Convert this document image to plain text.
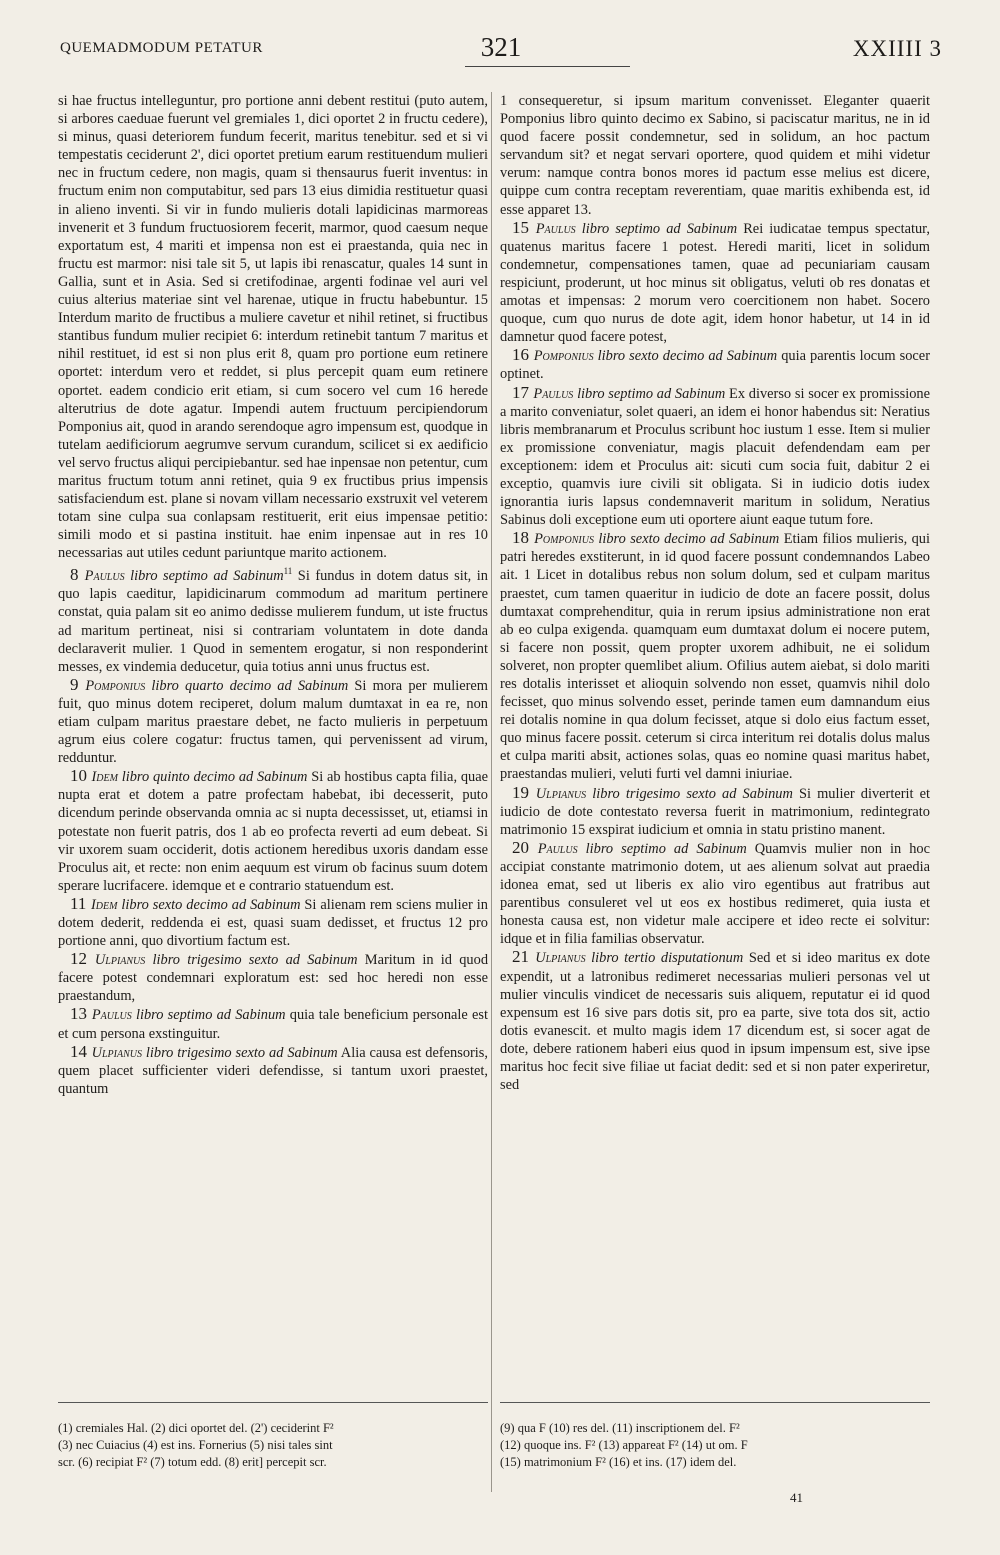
QUEMADMODUM PETATUR	321	XXIIII 3

si hae fructus intelleguntur, pro portione anni debent restitui (puto autem, si arbores caeduae fuerunt vel gremiales 1, dici oportet 2 in fructu cedere), si minus, quasi deteriorem fundum fecerit, maritus tenebitur. sed et si vi tempestatis ceciderunt 2', dici oportet pretium earum restituendum mulieri nec in fructum cedere, non magis, quam si thensaurus fuerit inventus: in fructum enim non computabitur, sed pars 13 eius dimidia restituetur quasi in alieno inventi. Si vir in fundo mulieris dotali lapidicinas marmoreas invenerit et 3 fundum fructuosiorem fecerit, marmor, quod caesum neque exportatum est, 4 mariti et impensa non est ei praestanda, quia nec in fructu est marmor: nisi tale sit 5, ut lapis ibi renascatur, quales 14 sunt in Gallia, sunt et in Asia. Sed si cretifodinae, argenti fodinae vel auri vel cuius alterius materiae sint vel harenae, utique in fructu habebuntur. 15 Interdum marito de fructibus a muliere cavetur et nihil retinet, si fructibus stantibus fundum mulier recipiet 6: interdum retinebit tantum 7 maritus et nihil restituet, id est si non plus erit 8, quam pro portione eum retinere oportet: interdum vero et reddet, si plus percepit quam eum retinere oportet. eadem condicio erit etiam, si cum socero vel cum 16 herede alterutrius de dote agatur. Impendi autem fructuum percipiendorum Pomponius ait, quod in arando serendoque agro impensum est, quodque in tutelam aedificiorum aegrumve servum curandum, scilicet si ex aedificio vel servo fructus aliqui percipiebantur. sed hae inpensae non petentur, cum maritus fructum totum anni retinet, quia 9 ex fructibus prius impensis satisfaciendum est. plane si novam villam necessario exstruxit vel veterem totam sine culpa sua conlapsam restituerit, erit eius impensae petitio: simili modo et si pastina instituit. hae enim inpensae aut in res 10 necessarias aut utiles cedunt pariuntque marito actionem.

8 Paulus libro septimo ad Sabinum$^{11}$ Si fundus in dotem datus sit, in quo lapis caeditur, lapidicinarum commodum ad maritum pertinere constat, quia palam sit eo animo dedisse mulierem fundum, ut iste fructus ad maritum pertineat, nisi si contrariam voluntatem in dote danda declaraverit mulier. 1 Quod in sementem erogatur, si non responderint messes, ex vindemia deducetur, quia totius anni unus fructus est.

9 Pomponius libro quarto decimo ad Sabinum Si mora per mulierem fuit, quo minus dotem reciperet, dolum malum dumtaxat in ea re, non etiam culpam maritus praestare debet, ne facto mulieris in perpetuum agrum eius colere cogatur: fructus tamen, qui pervenissent ad virum, redduntur.

10 Idem libro quinto decimo ad Sabinum Si ab hostibus capta filia, quae nupta erat et dotem a patre profectam habebat, ibi decesserit, puto dicendum perinde observanda omnia ac si nupta decessisset, ut, etiamsi in potestate non fuerit patris, dos 1 ab eo profecta reverti ad eum debeat. Si vir uxorem suam occiderit, dotis actionem heredibus uxoris dandam esse Proculus ait, et recte: non enim aequum est virum ob facinus suum dotem sperare lucrifacere. idemque et e contrario statuendum est.

11 Idem libro sexto decimo ad Sabinum Si alienam rem sciens mulier in dotem dederit, reddenda ei est, quasi suam dedisset, et fructus 12 pro portione anni, quo divortium factum est.

12 Ulpianus libro trigesimo sexto ad Sabinum Maritum in id quod facere potest condemnari exploratum est: sed hoc heredi non esse praestandum,

13 Paulus libro septimo ad Sabinum quia tale beneficium personale est et cum persona exstinguitur.

14 Ulpianus libro trigesimo sexto ad Sabinum Alia causa est defensoris, quem placet sufficienter videri defendisse, si tantum uxori praestet, quantum

1 consequeretur, si ipsum maritum convenisset. Eleganter quaerit Pomponius libro quinto decimo ex Sabino, si paciscatur maritus, ne in id quod facere possit condemnetur, sed in solidum, an hoc pactum servandum sit? et negat servari oportere, quod quidem et mihi videtur verum: namque contra bonos mores id pactum esse melius est dicere, quippe cum contra receptam reverentiam, quae maritis exhibenda est, id esse apparet 13.

15 Paulus libro septimo ad Sabinum Rei iudicatae tempus spectatur, quatenus maritus facere 1 potest. Heredi mariti, licet in solidum condemnetur, compensationes tamen, quae ad pecuniariam causam respiciunt, proderunt, ut hoc minus sit obligatus, veluti ob res donatas et amotas et impensas: 2 morum vero coercitionem non habet. Socero quoque, cum quo nurus de dote agit, idem honor habetur, ut 14 in id damnetur quod facere potest,

16 Pomponius libro sexto decimo ad Sabinum quia parentis locum socer optinet.

17 Paulus libro septimo ad Sabinum Ex diverso si socer ex promissione a marito conveniatur, solet quaeri, an idem ei honor habendus sit: Neratius libris membranarum et Proculus scribunt hoc iustum 1 esse. Item si mulier ex promissione conveniatur, magis placuit defendendam eam per exceptionem: idem et Proculus ait: sicuti cum socia fuit, dabitur 2 ei exceptio, quamvis iure civili sit obligata. Si in iudicio dotis iudex ignorantia iuris lapsus condemnaverit maritum in solidum, Neratius Sabinus doli exceptione eum uti oportere aiunt eaque tutum fore.

18 Pomponius libro sexto decimo ad Sabinum Etiam filios mulieris, qui patri heredes exstiterunt, in id quod facere possunt condemnandos Labeo ait. 1 Licet in dotalibus rebus non solum dolum, sed et culpam maritus praestet, cum tamen quaeritur in iudicio de dote an facere possit, dolus dumtaxat comprehenditur, quia in rerum ipsius administratione non erat ab eo culpa exigenda. quamquam eum dumtaxat dolum ei nocere putem, si facere non possit, quem propter uxorem adhibuit, ne ei solidum solveret, non propter quemlibet alium. Ofilius autem aiebat, si dolo mariti res dotalis interisset et alioquin solvendo non esset, quamvis nihil dolo fecisset, quo minus solvendo esset, perinde tamen eum damnandum eius rei dotalis nomine in qua dolum fecisset, atque si dolo eius factum esset, quo minus facere possit. ceterum si circa interitum rei dotalis dolus malus et culpa mariti absit, actiones solas, quas eo nomine quasi maritus habet, praestandas mulieri, veluti furti vel damni iniuriae.

19 Ulpianus libro trigesimo sexto ad Sabinum Si mulier diverterit et iudicio de dote contestato reversa fuerit in matrimonium, redintegrato matrimonio 15 exspirat iudicium et omnia in statu pristino manent.

20 Paulus libro septimo ad Sabinum Quamvis mulier non in hoc accipiat constante matrimonio dotem, ut aes alienum solvat aut praedia idonea emat, sed ut liberis ex alio viro egentibus aut fratribus aut parentibus consuleret vel ut eos ex hostibus redimeret, quia iusta et honesta causa est, non videtur male accipere et ideo recte ei solvitur: idque et in filia familias observatur.

21 Ulpianus libro tertio disputationum Sed et si ideo maritus ex dote expendit, ut a latronibus redimeret necessarias mulieri personas vel ut mulier vinculis vindicet de necessaris suis aliquem, reputatur ei id quod expensum est 16 sive pars dotis sit, pro ea parte, sive tota dos sit, actio dotis evanescit. et multo magis idem 17 dicendum est, si socer agat de dote, debere rationem haberi eius quod in ipsum impensum est, sive ipse maritus hoc fecit sive filiae ut faciat dedit: sed et si non pater experiretur, sed

(1) cremiales Hal. (2) dici oportet del. (2') ceciderint F²
(3) nec Cuiacius (4) est ins. Fornerius (5) nisi tales sint
scr. (6) recipiat F² (7) totum edd. (8) erit] percepit scr.
(9) qua F (10) res del. (11) inscriptionem del. F²
(12) quoque ins. F² (13) appareat F² (14) ut om. F
(15) matrimonium F² (16) et ins. (17) idem del.
41
